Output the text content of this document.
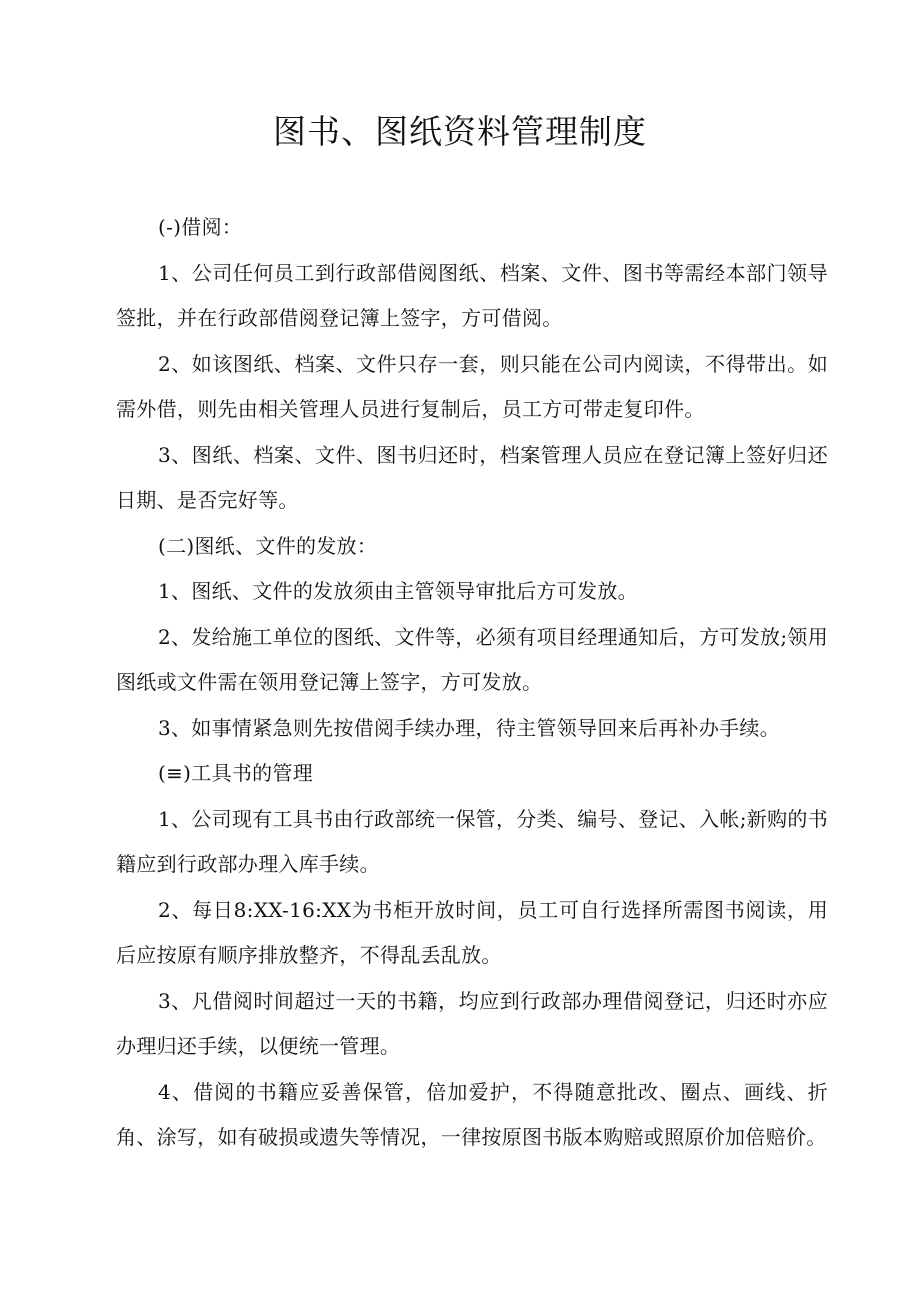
图书、图纸资料管理制度

(-)借阅：

1、公司任何员工到行政部借阅图纸、档案、文件、图书等需经本部门领导签批，并在行政部借阅登记簿上签字，方可借阅。

2、如该图纸、档案、文件只存一套，则只能在公司内阅读，不得带出。如需外借，则先由相关管理人员进行复制后，员工方可带走复印件。

3、图纸、档案、文件、图书归还时，档案管理人员应在登记簿上签好归还日期、是否完好等。

(二)图纸、文件的发放：

1、图纸、文件的发放须由主管领导审批后方可发放。

2、发给施工单位的图纸、文件等，必须有项目经理通知后，方可发放;领用图纸或文件需在领用登记簿上签字，方可发放。

3、如事情紧急则先按借阅手续办理，待主管领导回来后再补办手续。

(≡)工具书的管理

1、公司现有工具书由行政部统一保管，分类、编号、登记、入帐;新购的书籍应到行政部办理入库手续。

2、每日8:XX-16:XX为书柜开放时间，员工可自行选择所需图书阅读，用后应按原有顺序排放整齐，不得乱丢乱放。

3、凡借阅时间超过一天的书籍，均应到行政部办理借阅登记，归还时亦应办理归还手续，以便统一管理。

4、借阅的书籍应妥善保管，倍加爱护，不得随意批改、圈点、画线、折角、涂写，如有破损或遗失等情况，一律按原图书版本购赔或照原价加倍赔价。
